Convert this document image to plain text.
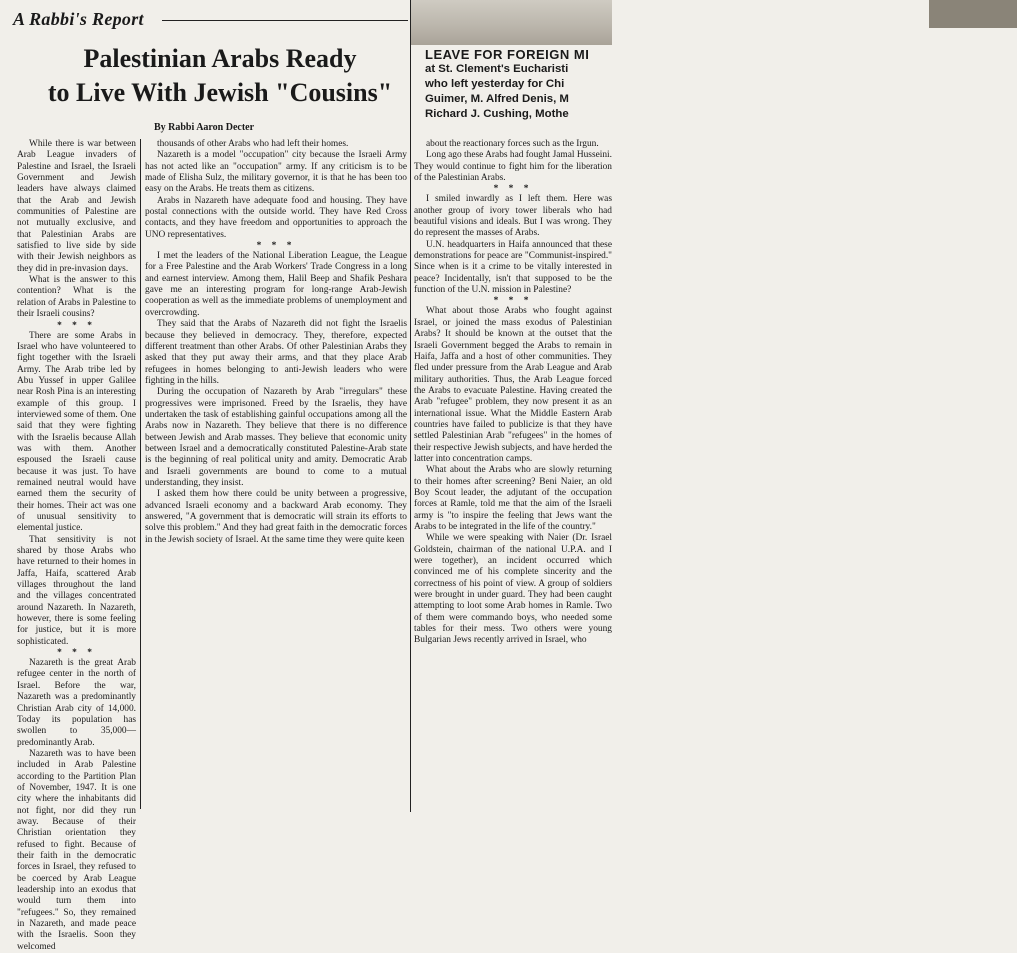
LEAVE FOR FOREIGN MI
at St. Clement's Eucharisti
who left yesterday for Chi
Guimer, M. Alfred Denis, M
Richard J. Cushing, Mothe
A Rabbi's Report
Palestinian Arabs Ready
to Live With Jewish "Cousins"
By Rabbi Aaron Decter

While there is war between Arab League invaders of Palestine and Israel, the Israeli Government and Jewish leaders have always claimed that the Arab and Jewish communities of Palestine are not mutually exclusive, and that Palestinian Arabs are satisfied to live side by side with their Jewish neighbors as they did in pre-invasion days.

What is the answer to this contention? What is the relation of Arabs in Palestine to their Israeli cousins?

* * *

There are some Arabs in Israel who have volunteered to fight together with the Israeli Army. The Arab tribe led by Abu Yussef in upper Galilee near Rosh Pina is an interesting example of this group. I interviewed some of them. One said that they were fighting with the Israelis because Allah was with them. Another espoused the Israeli cause because it was just. To have remained neutral would have earned them the security of their homes. Their act was one of unusual sensitivity to elemental justice.

That sensitivity is not shared by those Arabs who have returned to their homes in Jaffa, Haifa, scattered Arab villages throughout the land and the villages concentrated around Nazareth. In Nazareth, however, there is some feeling for justice, but it is more sophisticated.

* * *

Nazareth is the great Arab refugee center in the north of Israel. Before the war, Nazareth was a predominantly Christian Arab city of 14,000. Today its population has swollen to 35,000—predominantly Arab.

Nazareth was to have been included in Arab Palestine according to the Partition Plan of November, 1947. It is one city where the inhabitants did not fight, nor did they run away. Because of their Christian orientation they refused to fight. Because of their faith in the democratic forces in Israel, they refused to be coerced by Arab League leadership into an exodus that would turn them into "refugees." So, they remained in Nazareth, and made peace with the Israelis. Soon they welcomed

thousands of other Arabs who had left their homes.

Nazareth is a model "occupation" city because the Israeli Army has not acted like an "occupation" army. If any criticism is to be made of Elisha Sulz, the military governor, it is that he has been too easy on the Arabs. He treats them as citizens.

Arabs in Nazareth have adequate food and housing. They have postal connections with the outside world. They have Red Cross contacts, and they have freedom and opportunities to approach the UNO representatives.

* * *

I met the leaders of the National Liberation League, the League for a Free Palestine and the Arab Workers' Trade Congress in a long and earnest interview. Among them, Halil Beep and Shafik Peshara gave me an interesting program for long-range Arab-Jewish cooperation as well as the immediate problems of unemployment and overcrowding.

They said that the Arabs of Nazareth did not fight the Israelis because they believed in democracy. They, therefore, expected different treatment than other Arabs. Of other Palestinian Arabs they asked that they put away their arms, and that they place Arab refugees in homes belonging to anti-Jewish leaders who were fighting in the hills.

During the occupation of Nazareth by Arab "irregulars" these progressives were imprisoned. Freed by the Israelis, they have undertaken the task of establishing gainful occupations among all the Arabs now in Nazareth. They believe that there is no difference between Jewish and Arab masses. They believe that economic unity between Israel and a democratically constituted Palestine-Arab state is the beginning of real political unity and amity. Democratic Arab and Israeli governments are bound to come to a mutual understanding, they insist.

I asked them how there could be unity between a progressive, advanced Israeli economy and a backward Arab economy. They answered, "A government that is democratic will strain its efforts to solve this problem." And they had great faith in the democratic forces in the Jewish society of Israel. At the same time they were quite keen

about the reactionary forces such as the Irgun.

Long ago these Arabs had fought Jamal Husseini. They would continue to fight him for the liberation of the Palestinian Arabs.

* * *

I smiled inwardly as I left them. Here was another group of ivory tower liberals who had beautiful visions and ideals. But I was wrong. They do represent the masses of Arabs.

U.N. headquarters in Haifa announced that these demonstrations for peace are "Communist-inspired." Since when is it a crime to be vitally interested in peace? Incidentally, isn't that supposed to be the function of the U.N. mission in Palestine?

* * *

What about those Arabs who fought against Israel, or joined the mass exodus of Palestinian Arabs? It should be known at the outset that the Israeli Government begged the Arabs to remain in Haifa, Jaffa and a host of other communities. They fled under pressure from the Arab League and Arab military authorities. Thus, the Arab League forced the Arabs to evacuate Palestine. Having created the Arab "refugee" problem, they now present it as an international issue. What the Middle Eastern Arab countries have failed to publicize is that they have settled Palestinian Arab "refugees" in the homes of their respective Jewish subjects, and have herded the latter into concentration camps.

What about the Arabs who are slowly returning to their homes after screening? Beni Naier, an old Boy Scout leader, the adjutant of the occupation forces at Ramle, told me that the aim of the Israeli army is "to inspire the feeling that Jews want the Arabs to be integrated in the life of the country."

While we were speaking with Naier (Dr. Israel Goldstein, chairman of the national U.P.A. and I were together), an incident occurred which convinced me of his complete sincerity and the correctness of his point of view. A group of soldiers were brought in under guard. They had been caught attempting to loot some Arab homes in Ramle. Two of them were commando boys, who needed some tables for their mess. Two others were young Bulgarian Jews recently arrived in Israel, who
